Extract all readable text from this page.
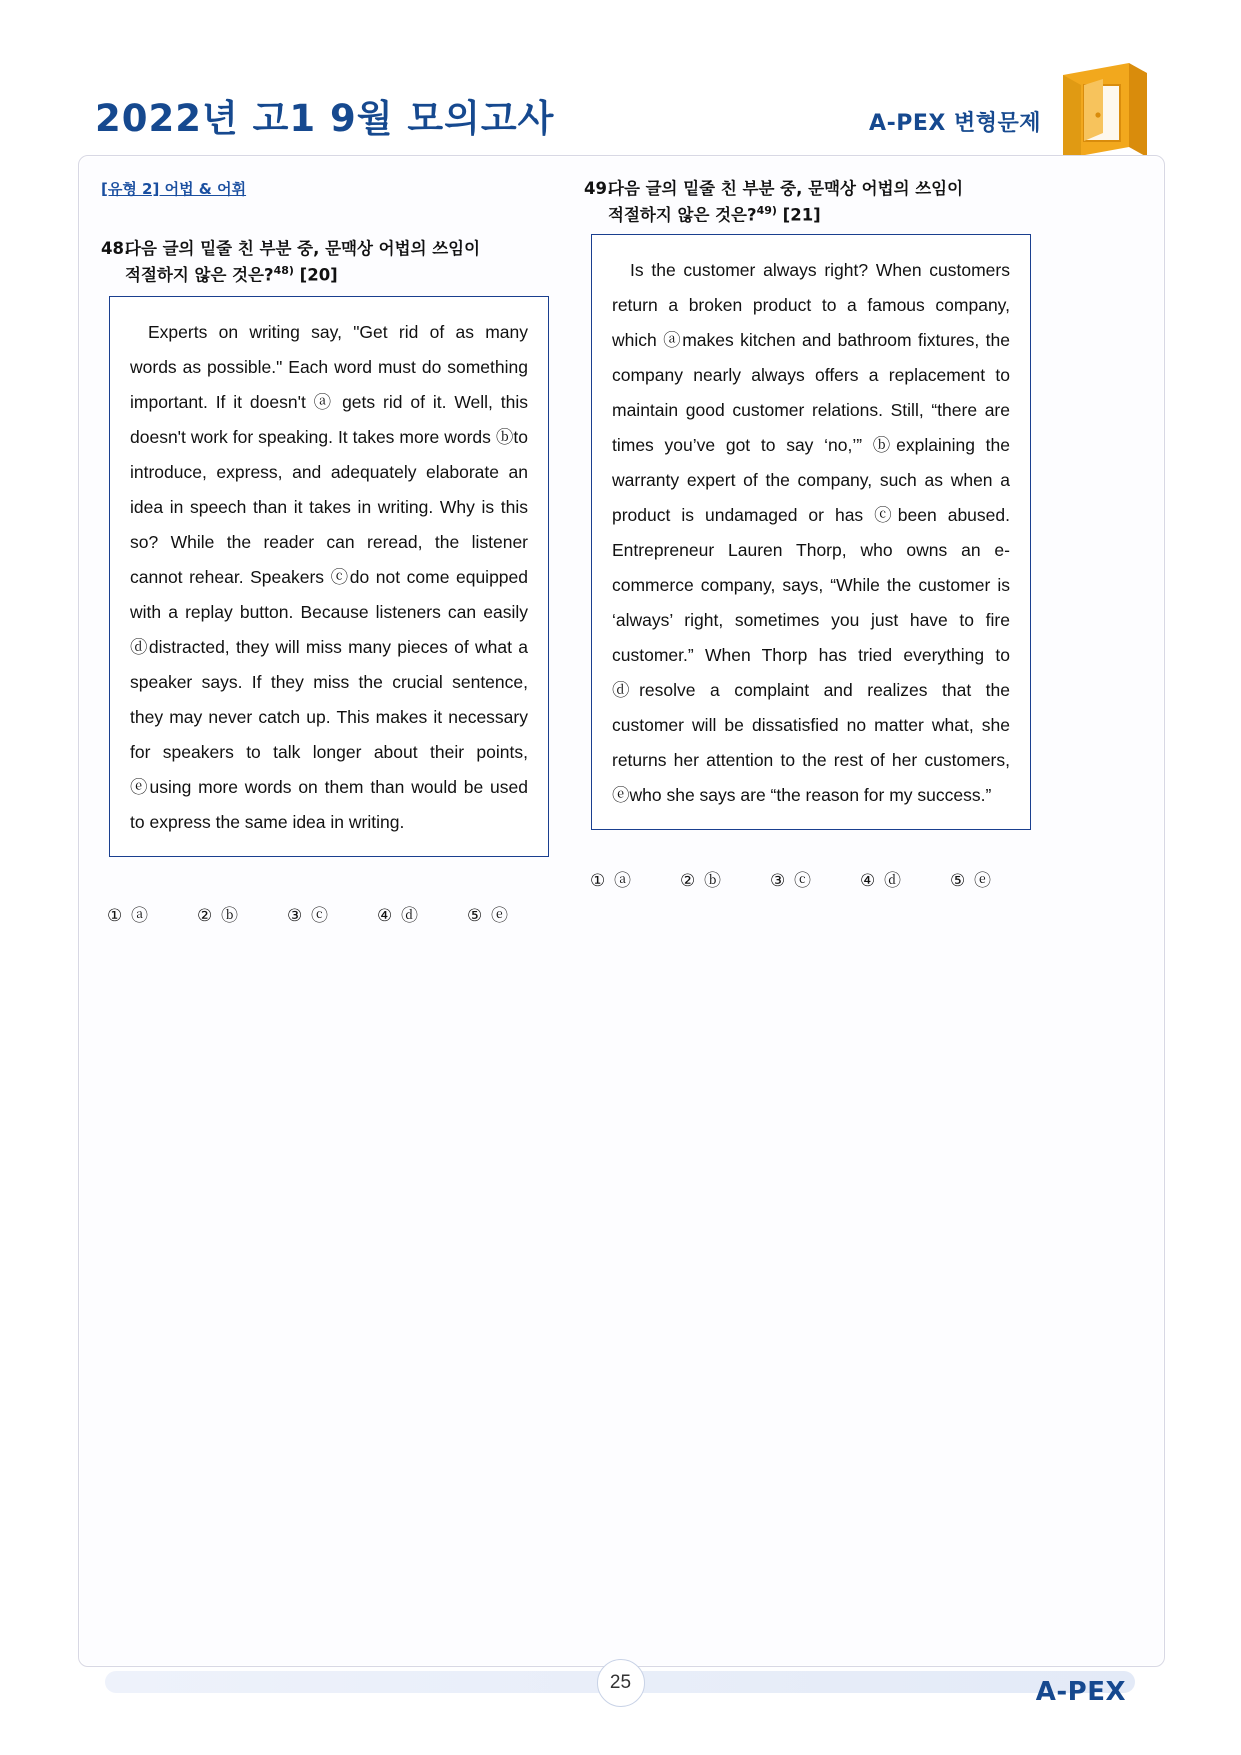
2022년 고1 9월 모의고사	A-PEX 변형문제
[유형 2] 어법 & 어휘
48.다음 글의 밑줄 친 부분 중, 문맥상 어법의 쓰임이
적절하지 않은 것은?$^{48)}$ [20]
Experts on writing say, "Get rid of as many words as possible." Each word must do something important. If it doesn't ⓐ gets rid of it. Well, this doesn't work for speaking. It takes more words ⓑto introduce, express, and adequately elaborate an idea in speech than it takes in writing. Why is this so? While the reader can reread, the listener cannot rehear. Speakers ⓒdo not come equipped with a replay button. Because listeners can easily ⓓdistracted, they will miss many pieces of what a speaker says. If they miss the crucial sentence, they may never catch up. This makes it necessary for speakers to talk longer about their points, ⓔusing more words on them than would be used to express the same idea in writing.
① ⓐ	② ⓑ	③ ⓒ	④ ⓓ	⑤ ⓔ
49.다음 글의 밑줄 친 부분 중, 문맥상 어법의 쓰임이
적절하지 않은 것은?$^{49)}$ [21]
Is the customer always right? When customers return a broken product to a famous company, which ⓐmakes kitchen and bathroom fixtures, the company nearly always offers a replacement to maintain good customer relations. Still, “there are times you’ve got to say ‘no,’” ⓑexplaining the warranty expert of the company, such as when a product is undamaged or has ⓒbeen abused. Entrepreneur Lauren Thorp, who owns an e-commerce company, says, “While the customer is ‘always’ right, sometimes you just have to fire customer.” When Thorp has tried everything to ⓓresolve a complaint and realizes that the customer will be dissatisfied no matter what, she returns her attention to the rest of her customers, ⓔwho she says are “the reason for my success.”
① ⓐ	② ⓑ	③ ⓒ	④ ⓓ	⑤ ⓔ
25	A-PEX
